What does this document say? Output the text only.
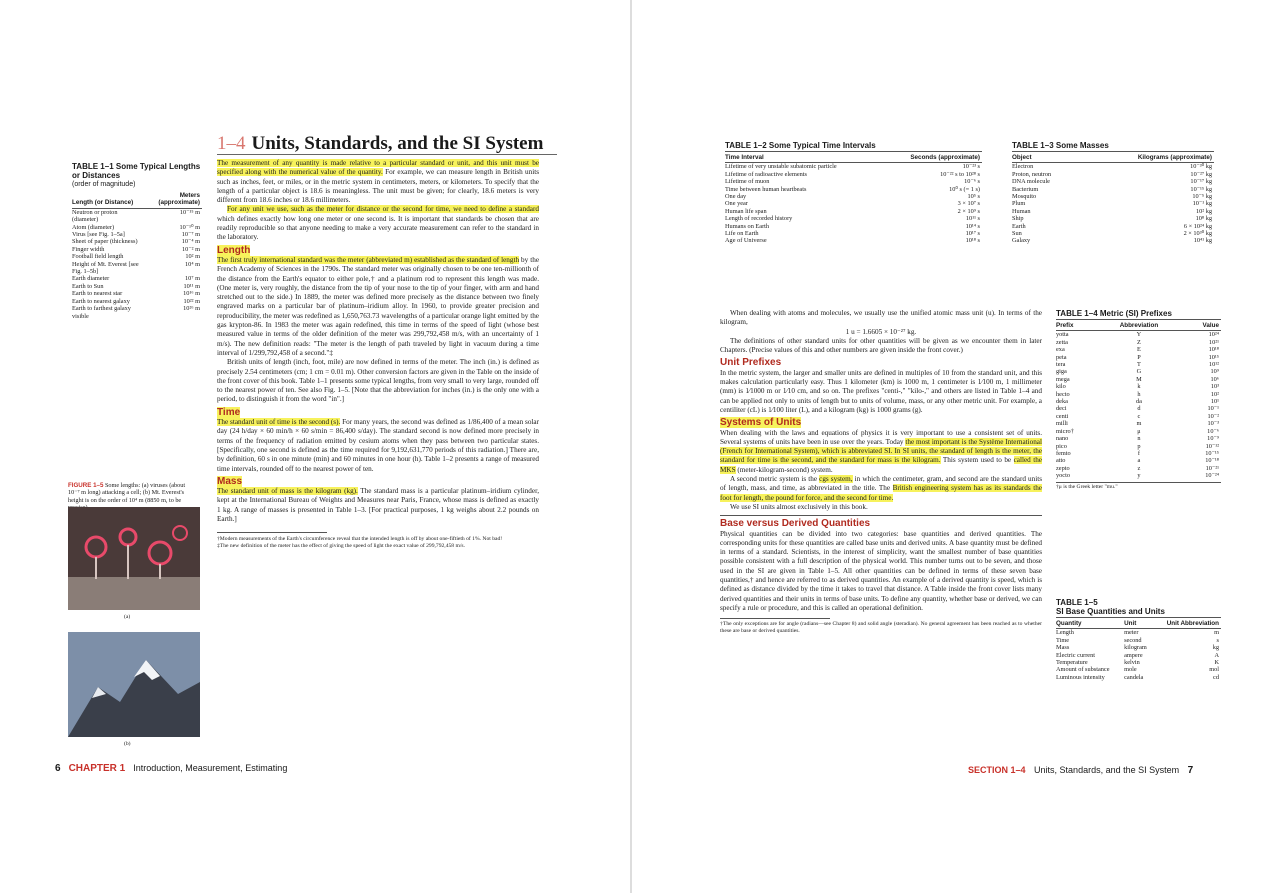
1–4 Units, Standards, and the SI System
TABLE 1–1 Some Typical Lengths or Distances
(order of magnitude)
Length (or Distance)	Meters (approximate)
Neutron or proton (diameter)	10⁻¹⁵ m
Atom (diameter)	10⁻¹⁰ m
Virus [see Fig. 1–5a]	10⁻⁷ m
Sheet of paper (thickness)	10⁻⁴ m
Finger width	10⁻² m
Football field length	10² m
Height of Mt. Everest [see Fig. 1–5b]	10⁴ m
Earth diameter	10⁷ m
Earth to Sun	10¹¹ m
Earth to nearest star	10¹⁶ m
Earth to nearest galaxy	10²² m
Earth to farthest galaxy visible	10²⁶ m
FIGURE 1–5 Some lengths: (a) viruses (about 10⁻⁷ m long) attacking a cell; (b) Mt. Everest's height is on the order of 10⁴ m (8850 m, to be
(a)
(b)

The measurement of any quantity is made relative to a particular standard or unit, and this unit must be specified along with the numerical value of the quantity. For example, we can measure length in British units such as inches, feet, or miles, or in the metric system in centimeters, meters, or kilometers. To specify that the length of a particular object is 18.6 is meaningless. The unit must be given; for clearly, 18.6 meters is very different from 18.6 inches or 18.6 millimeters.

For any unit we use, such as the meter for distance or the second for time, we need to define a standard which defines exactly how long one meter or one second is. It is important that standards be chosen that are readily reproducible so that anyone needing to make a very accurate measurement can refer to the standard in the laboratory.

Length

The first truly international standard was the meter (abbreviated m) established as the standard of length by the French Academy of Sciences in the 1790s. The standard meter was originally chosen to be one ten-millionth of the distance from the Earth's equator to either pole,† and a platinum rod to represent this length was made. (One meter is, very roughly, the distance from the tip of your nose to the tip of your finger, with arm and hand stretched out to the side.) In 1889, the meter was defined more precisely as the distance between two finely engraved marks on a particular bar of platinum–iridium alloy. In 1960, to provide greater precision and reproducibility, the meter was redefined as 1,650,763.73 wavelengths of a particular orange light emitted by the gas krypton-86. In 1983 the meter was again redefined, this time in terms of the speed of light (whose best measured value in terms of the older definition of the meter was 299,792,458 m/s, with an uncertainty of 1 m/s). The new definition reads: "The meter is the length of path traveled by light in vacuum during a time interval of 1/299,792,458 of a second."‡

British units of length (inch, foot, mile) are now defined in terms of the meter. The inch (in.) is defined as precisely 2.54 centimeters (cm; 1 cm = 0.01 m). Other conversion factors are given in the Table on the inside of the front cover of this book. Table 1–1 presents some typical lengths, from very small to very large, rounded off to the nearest power of ten. See also Fig. 1–5. [Note that the abbreviation for inches (in.) is the only one with a period, to distinguish it from the word "in".]

Time

The standard unit of time is the second (s). For many years, the second was defined as 1/86,400 of a mean solar day (24 h/day × 60 min/h × 60 s/min = 86,400 s/day). The standard second is now defined more precisely in terms of the frequency of radiation emitted by cesium atoms when they pass between two particular states. [Specifically, one second is defined as the time required for 9,192,631,770 periods of this radiation.] There are, by definition, 60 s in one minute (min) and 60 minutes in one hour (h). Table 1–2 presents a range of measured time intervals, rounded off to the nearest power of ten.

Mass

The standard unit of mass is the kilogram (kg). The standard mass is a particular platinum–iridium cylinder, kept at the International Bureau of Weights and Measures near Paris, France, whose mass is defined as exactly 1 kg. A range of masses is presented in Table 1–3. [For practical purposes, 1 kg weighs about 2.2 pounds on Earth.]

†Modern measurements of the Earth's circumference reveal that the intended length is off by about one-fiftieth of 1%. Not bad!
‡The new definition of the meter has the effect of giving the speed of light the exact value of 299,792,458 m/s.
6 CHAPTER 1 Introduction, Measurement, Estimating
TABLE 1–2 Some Typical Time Intervals
Time Interval	Seconds (approximate)
Lifetime of very unstable subatomic particle	10⁻²³ s
Lifetime of radioactive elements	10⁻²² s to 10²⁸ s
Lifetime of muon	10⁻⁶ s
Time between human heartbeats	10⁰ s (= 1 s)
One day	10⁵ s
One year	3 × 10⁷ s
Human life span	2 × 10⁹ s
Length of recorded history	10¹¹ s
Humans on Earth	10¹⁴ s
Life on Earth	10¹⁷ s
Age of Universe	10¹⁸ s
TABLE 1–3 Some Masses
Object	Kilograms (approximate)
Electron	10⁻³⁰ kg
Proton, neutron	10⁻²⁷ kg
DNA molecule	10⁻¹⁷ kg
Bacterium	10⁻¹⁵ kg
Mosquito	10⁻⁵ kg
Plum	10⁻¹ kg
Human	10² kg
Ship	10⁸ kg
Earth	6 × 10²⁴ kg
Sun	2 × 10³⁰ kg
Galaxy	10⁴¹ kg
TABLE 1–4 Metric (SI) Prefixes
Prefix	Abbreviation	Value
yotta	Y	10²⁴
zetta	Z	10²¹
exa	E	10¹⁸
peta	P	10¹⁵
tera	T	10¹²
giga	G	10⁹
mega	M	10⁶
kilo	k	10³
hecto	h	10²
deka	da	10¹
deci	d	10⁻¹
centi	c	10⁻²
milli	m	10⁻³
micro†	μ	10⁻⁶
nano	n	10⁻⁹
pico	p	10⁻¹²
femto	f	10⁻¹⁵
atto	a	10⁻¹⁸
zepto	z	10⁻²¹
yocto	y	10⁻²⁴
†μ is the Greek letter "mu."
TABLE 1–5
SI Base Quantities and Units
Quantity	Unit	Unit Abbreviation
Length	meter	m
Time	second	s
Mass	kilogram	kg
Electric current	ampere	A
Temperature	kelvin	K
Amount of substance	mole	mol
Luminous intensity	candela	cd

When dealing with atoms and molecules, we usually use the unified atomic mass unit (u). In terms of the kilogram,

1 u = 1.6605 × 10⁻²⁷ kg.

The definitions of other standard units for other quantities will be given as we encounter them in later Chapters. (Precise values of this and other numbers are given inside the front cover.)

Unit Prefixes

In the metric system, the larger and smaller units are defined in multiples of 10 from the standard unit, and this makes calculation particularly easy. Thus 1 kilometer (km) is 1000 m, 1 centimeter is 1⁄100 m, 1 millimeter (mm) is 1⁄1000 m or 1⁄10 cm, and so on. The prefixes "centi-," "kilo-," and others are listed in Table 1–4 and can be applied not only to units of length but to units of volume, mass, or any other metric unit. For example, a centiliter (cL) is 1⁄100 liter (L), and a kilogram (kg) is 1000 grams (g).

Systems of Units

When dealing with the laws and equations of physics it is very important to use a consistent set of units. Several systems of units have been in use over the years. Today the most important is the Système International (French for International System), which is abbreviated SI. In SI units, the standard of length is the meter, the standard for time is the second, and the standard for mass is the kilogram. This system used to be called the MKS (meter-kilogram-second) system.

A second metric system is the cgs system, in which the centimeter, gram, and second are the standard units of length, mass, and time, as abbreviated in the title. The British engineering system has as its standards the foot for length, the pound for force, and the second for time.

We use SI units almost exclusively in this book.

Base versus Derived Quantities

Physical quantities can be divided into two categories: base quantities and derived quantities. The corresponding units for these quantities are called base units and derived units. A base quantity must be defined in terms of a standard. Scientists, in the interest of simplicity, want the smallest number of base quantities possible consistent with a full description of the physical world. This number turns out to be seven, and those used in the SI are given in Table 1–5. All other quantities can be defined in terms of these seven base quantities,† and hence are referred to as derived quantities. An example of a derived quantity is speed, which is defined as distance divided by the time it takes to travel that distance. A Table inside the front cover lists many derived quantities and their units in terms of base units. To define any quantity, whether base or derived, we can specify a rule or procedure, and this is called an operational definition.

†The only exceptions are for angle (radians—see Chapter 8) and solid angle (steradian). No general agreement has been reached as to whether these are base or derived quantities.
SECTION 1–4 Units, Standards, and the SI System 7
